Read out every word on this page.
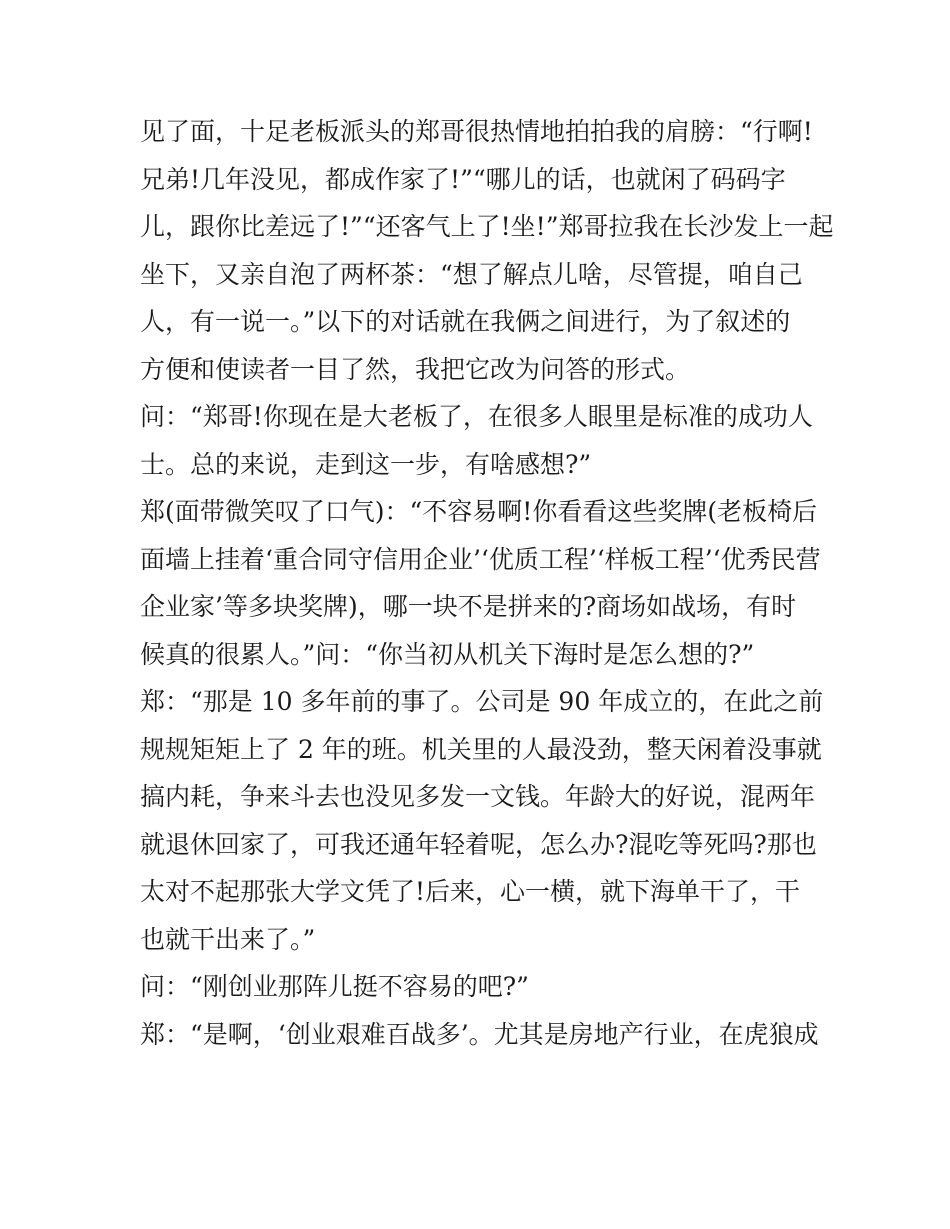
见了面，十足老板派头的郑哥很热情地拍拍我的肩膀：“行啊!
兄弟!几年没见，都成作家了!”“哪儿的话，也就闲了码码字
儿，跟你比差远了!”“还客气上了!坐!”郑哥拉我在长沙发上一起
坐下，又亲自泡了两杯茶：“想了解点儿啥，尽管提，咱自己
人，有一说一。”以下的对话就在我俩之间进行，为了叙述的
方便和使读者一目了然，我把它改为问答的形式。
问：“郑哥!你现在是大老板了，在很多人眼里是标准的成功人
士。总的来说，走到这一步，有啥感想?”
郑(面带微笑叹了口气)：“不容易啊!你看看这些奖牌(老板椅后
面墙上挂着‘重合同守信用企业’‘优质工程’‘样板工程’‘优秀民营
企业家’等多块奖牌)，哪一块不是拼来的?商场如战场，有时
候真的很累人。”问：“你当初从机关下海时是怎么想的?”
郑：“那是 10 多年前的事了。公司是 90 年成立的，在此之前
规规矩矩上了 2 年的班。机关里的人最没劲，整天闲着没事就
搞内耗，争来斗去也没见多发一文钱。年龄大的好说，混两年
就退休回家了，可我还通年轻着呢，怎么办?混吃等死吗?那也
太对不起那张大学文凭了!后来，心一横，就下海单干了，干
也就干出来了。”
问：“刚创业那阵儿挺不容易的吧?”
郑：“是啊，‘创业艰难百战多’。尤其是房地产行业，在虎狼成
